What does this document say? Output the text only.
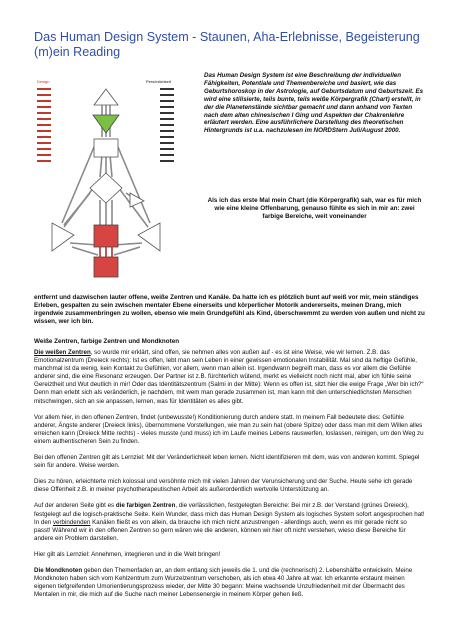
Das Human Design System - Staunen, Aha-Erlebnisse, Begeisterung (m)ein Reading
Design	Persönlichkeit
Das Human Design System ist eine Beschreibung der individuellen Fähigkeiten, Potentiale und Themenbereiche und basiert, wie das Geburtshoroskop in der Astrologie, auf Geburtsdatum und Geburtszeit. Es wird eine stilisierte, teils bunte, teils weiße Körpergrafik (Chart) erstellt, in der die Planetenstände sichtbar gemacht und dann anhand von Texten nach dem alten chinesischen I Ging und Aspekten der Chakrenlehre erläutert werden. Eine ausführlichere Darstellung des theoretischen Hintergrunds ist u.a. nachzulesen im NORDStern Juli/August 2000.
Als ich das erste Mal mein Chart (die Körpergrafik) sah, war es für mich wie eine kleine Offenbarung, genauso fühlte es sich in mir an: zwei farbige Bereiche, weit voneinander
entfernt und dazwischen lauter offene, weiße Zentren und Kanäle. Da hatte ich es plötzlich bunt auf weiß vor mir, mein ständiges Erleben, gespalten zu sein zwischen mentaler Ebene einerseits und körperlicher Motorik andererseits, meinen Drang, mich irgendwie zusammenbringen zu wollen, ebenso wie mein Grundgefühl als Kind, überschwemmt zu werden von außen und nicht zu wissen, wer ich bin.
Weiße Zentren, farbige Zentren und Mondknoten

Die weißen Zentren, so wurde mir erklärt, sind offen, sie nehmen alles von außen auf - es ist eine Weise, wie wir lernen. Z.B. das Emotionalzentrum (Dreieck rechts): Ist es offen, lebt man sein Leben in einer gewissen emotionalen Instabilität. Mal sind da heftige Gefühle, manchmal ist da wenig, kein Kontakt zu Gefühlen, vor allem, wenn man allein ist. Irgendwann begreift man, dass es vor allem die Gefühle anderer sind, die eine Resonanz erzeugen. Der Partner ist z.B. fürchterlich wütend, merkt es vielleicht noch nicht mal, aber ich fühle seine Gereiztheit und Wut deutlich in mir! Oder das Identitätszentrum (Salmi in der Mitte): Wenn es offen ist, sitzt hier die ewige Frage „Wer bin ich?“ Denn man erlebt sich als veränderlich, je nachdem, mit wem man gerade zusammen ist, man kann mit den unterschiedlichsten Menschen mitschwingen, sich an sie anpassen, lernen, was für Identitäten es alles gibt.

Vor allem hier, in den offenen Zentren, findet (unbewusste!) Konditionierung durch andere statt. In meinem Fall bedeutete dies: Gefühle anderer, Ängste anderer (Dreieck links), übernommene Vorstellungen, wie man zu sein hat (obere Spitze) oder dass man mit dem Willen alles erreichen kann (Dreieck Mitte rechts) - vieles musste (und muss) ich im Laufe meines Lebens rauswerfen, loslassen, reinigen, um den Weg zu einem authentischeren Sein zu finden.

Bei den offenen Zentren gilt als Lernziel: Mit der Veränderlichkeit leben lernen. Nicht identifizieren mit dem, was von anderen kommt. Spiegel sein für andere. Weise werden.

Dies zu hören, erleichterte mich kolossal und versöhnte mich mit vielen Jahren der Verunsicherung und der Suche. Heute sehe ich gerade diese Offenheit z.B. in meiner psychotherapeutischen Arbeit als außerordentlich wertvolle Unterstützung an.

Auf der anderen Seite gibt es die farbigen Zentren, die verlässlichen, festgelegten Bereiche: Bei mir z.B. der Verstand (grünes Dreieck), festgelegt auf die logisch-praktische Seite. Kein Wunder, dass mich das Human Design System als logisches System sofort angesprochen hat! In den verbindenden Kanälen fließt es von allein, da brauche ich mich nicht anzustrengen - allerdings auch, wenn es mir gerade nicht so passt! Während wir in den offenen Zentren so gern wären wie die anderen, können wir hier oft nicht verstehen, wieso diese Bereiche für andere ein Problem darstellen.

Hier gilt als Lernziel: Annehmen, integrieren und in die Welt bringen!

Die Mondknoten geben den Themenfaden an, an dem entlang sich jeweils die 1. und die (rechnerisch) 2. Lebenshälfte entwickeln. Meine Mondknoten haben sich vom Kehlzentrum zum Wurzelzentrum verschoben, als ich etwa 40 Jahre alt war. Ich erkannte erstaunt meinen eigenen tiefgreifenden Umorientierungsprozess wieder, der Mitte 30 begann: Meine wachsende Unzufriedenheit mit der Übermacht des Mentalen in mir, die mich auf die Suche nach meiner Lebensenergie in meinem Körper gehen ließ.
